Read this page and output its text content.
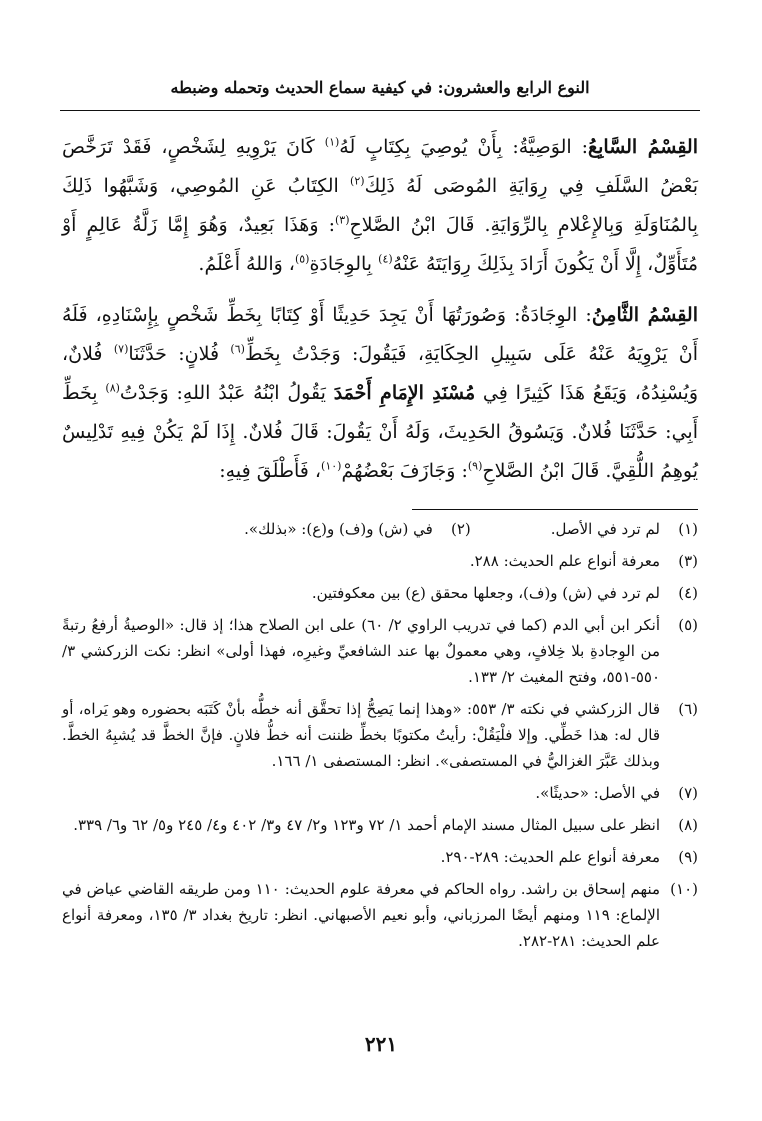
النوع الرابع والعشرون: في كيفية سماع الحديث وتحمله وضبطه

القِسْمُ السَّابِعُ: الوَصِيَّةُ: بِأَنْ يُوصِيَ بِكِتَابٍ لَهُ$^{(١)}$ كَانَ يَرْوِيهِ لِشَخْصٍ، فَقَدْ تَرَخَّصَ بَعْضُ السَّلَفِ فِي رِوَايَةِ المُوصَى لَهُ ذَلِكَ$^{(٢)}$ الكِتَابُ عَنِ المُوصِي، وَشَبَّهُوا ذَلِكَ بِالمُنَاوَلَةِ وَبِالإِعْلامِ بِالرِّوَايَةِ. قَالَ ابْنُ الصَّلاحِ$^{(٣)}$: وَهَذَا بَعِيدٌ، وَهُوَ إِمَّا زَلَّةُ عَالِمٍ أَوْ مُتَأَوِّلٌ، إِلَّا أَنْ يَكُونَ أَرَادَ بِذَلِكَ رِوَايَتَهُ عَنْهُ$^{(٤)}$ بِالوِجَادَةِ$^{(٥)}$، وَاللهُ أَعْلَمُ.

القِسْمُ الثَّامِنُ: الوِجَادَةُ: وَصُورَتُهَا أَنْ يَجِدَ حَدِيثًا أَوْ كِتَابًا بِخَطِّ شَخْصٍ بِإِسْنَادِهِ، فَلَهُ أَنْ يَرْوِيَهُ عَنْهُ عَلَى سَبِيلِ الحِكَايَةِ، فَيَقُولَ: وَجَدْتُ بِخَطِّ$^{(٦)}$ فُلانٍ: حَدَّثَنَا$^{(٧)}$ فُلانٌ، وَيُسْنِدُهُ، وَيَقَعُ هَذَا كَثِيرًا فِي مُسْنَدِ الإِمَامِ أَحْمَدَ يَقُولُ ابْنُهُ عَبْدُ اللهِ: وَجَدْتُ$^{(٨)}$ بِخَطِّ أَبِي: حَدَّثَنَا فُلانٌ. وَيَسُوقُ الحَدِيثَ، وَلَهُ أَنْ يَقُولَ: قَالَ فُلانٌ. إِذَا لَمْ يَكُنْ فِيهِ تَدْلِيسٌ يُوهِمُ اللُّقِيَّ. قَالَ ابْنُ الصَّلاحِ$^{(٩)}$: وَجَازَفَ بَعْضُهُمْ$^{(١٠)}$، فَأَطْلَقَ فِيهِ:

(١)
لم ترد في الأصل.
(٢)
في (ش) و(ف) و(ع): «بذلك».
(٣)
معرفة أنواع علم الحديث: ٢٨٨.
(٤)
لم ترد في (ش) و(ف)، وجعلها محقق (ع) بين معكوفتين.
(٥)
أنكر ابن أبي الدم (كما في تدريب الراوي ٢/ ٦٠) على ابن الصلاح هذا؛ إذ قال: «الوصيةُ أرفعُ رتبةً من الوِجادةِ بلا خِلافٍ، وهي معمولٌ بها عند الشافعيِّ وغيرِه، فهذا أولى» انظر: نكت الزركشي ٣/ ٥٥٠-٥٥١، وفتح المغيث ٢/ ١٣٣.
(٦)
قال الزركشي في نكته ٣/ ٥٥٣: «وهذا إنما يَصِحُّ إذا تحقَّق أنه خطُّه بأنْ كَتَبَه بحضوره وهو يَراه، أو قال له: هذا خَطِّي. وإلا فلْيَقُلْ: رأيتُ مكتوبًا بخطِّ ظننت أنه خطُّ فلانٍ. فإنَّ الخطَّ قد يُشبِهُ الخطَّ. وبذلك عَبَّرَ الغزاليُّ في المستصفى». انظر: المستصفى ١/ ١٦٦.
(٧)
في الأصل: «حديثًا».
(٨)
انظر على سبيل المثال مسند الإمام أحمد ١/ ٧٢ و١٢٣ و٢/ ٤٧ و٣/ ٤٠٢ و٤/ ٢٤٥ و٥/ ٦٢ و٦/ ٣٣٩.
(٩)
معرفة أنواع علم الحديث: ٢٨٩-٢٩٠.
(١٠)
منهم إسحاق بن راشد. رواه الحاكم في معرفة علوم الحديث: ١١٠ ومن طريقه القاضي عياض في الإلماع: ١١٩ ومنهم أيضًا المرزباني، وأبو نعيم الأصبهاني. انظر: تاريخ بغداد ٣/ ١٣٥، ومعرفة أنواع علم الحديث: ٢٨١-٢٨٢.
٢٢١
